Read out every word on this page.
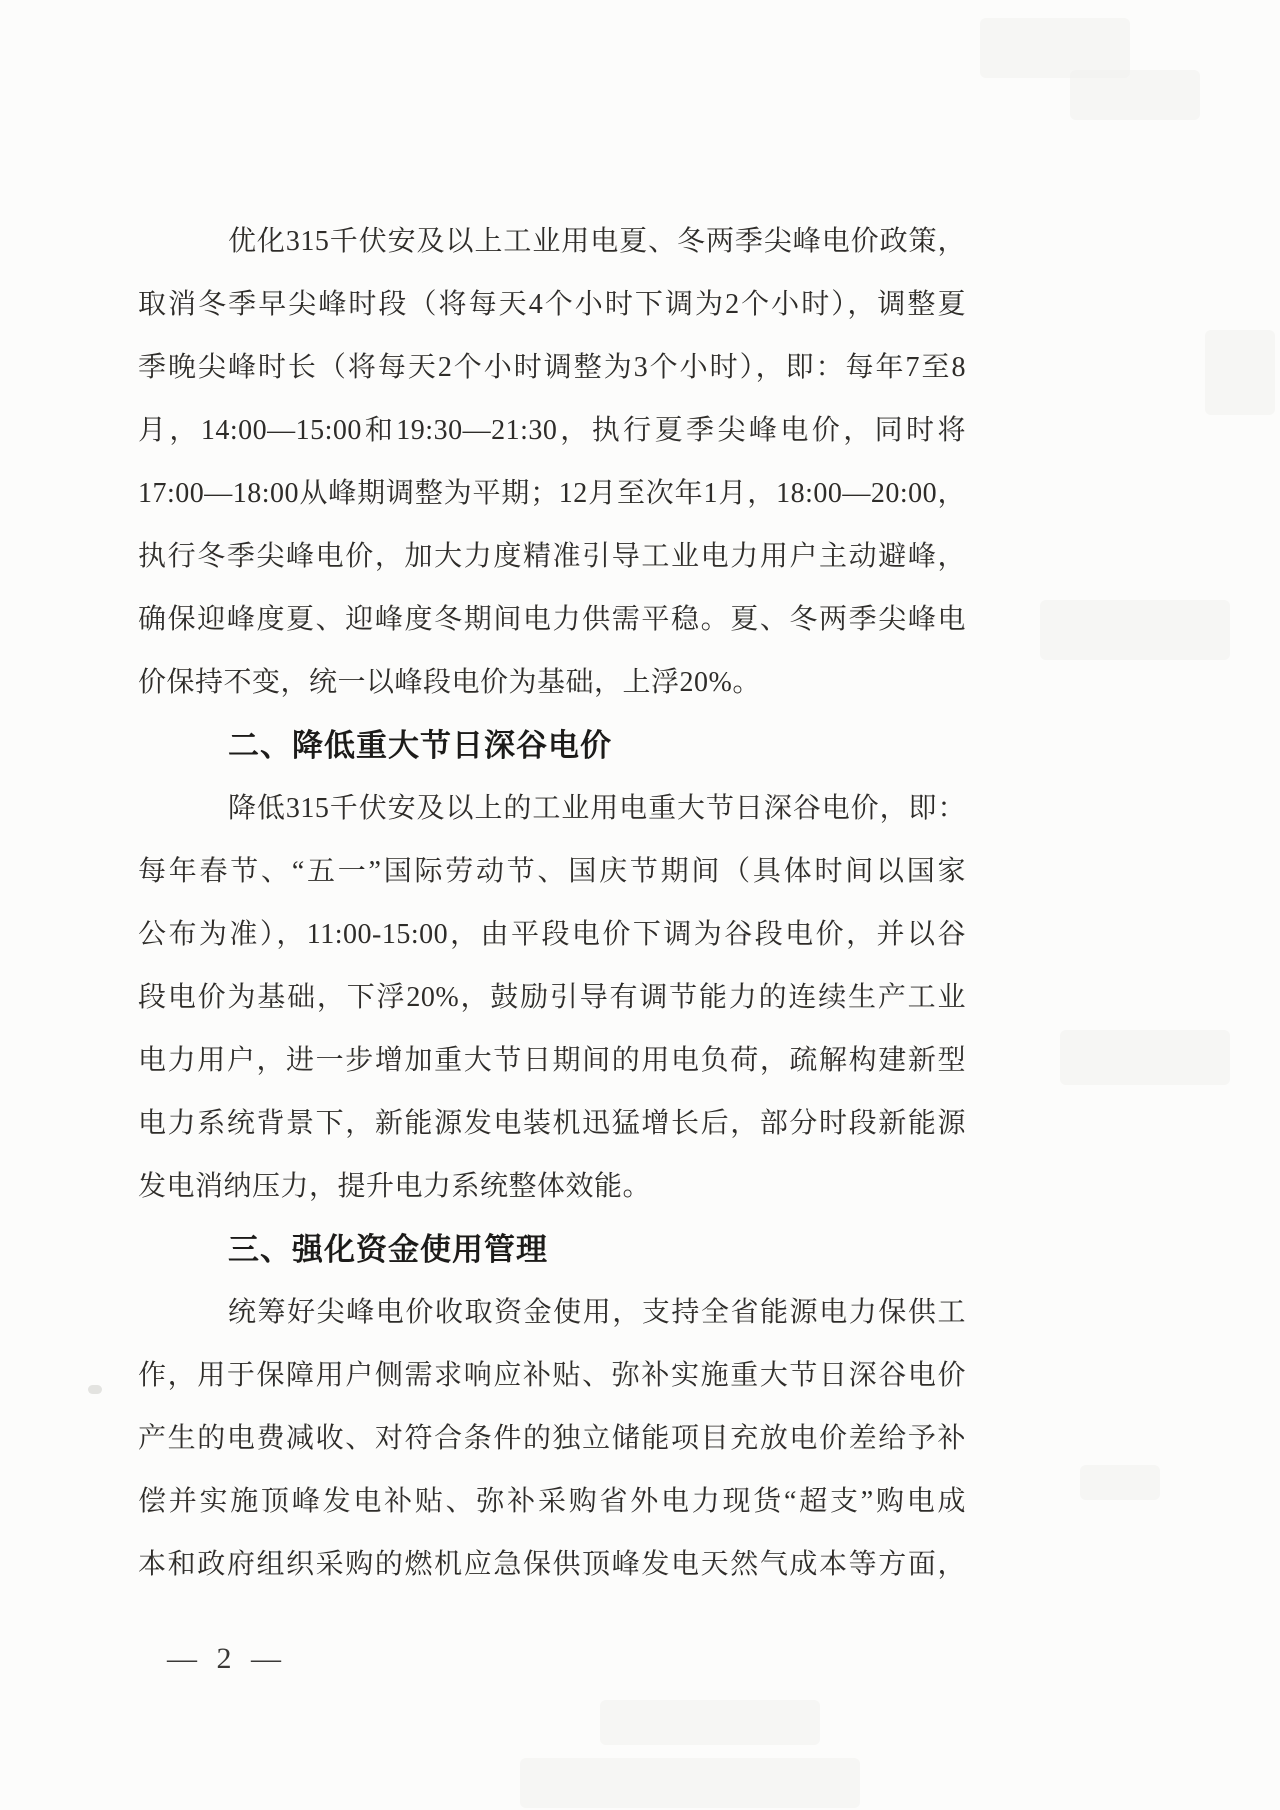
优化315千伏安及以上工业用电夏、冬两季尖峰电价政策，
取消冬季早尖峰时段（将每天4个小时下调为2个小时），调整夏
季晚尖峰时长（将每天2个小时调整为3个小时），即：每年7至8
月，14:00—15:00和19:30—21:30，执行夏季尖峰电价，同时将
17:00—18:00从峰期调整为平期；12月至次年1月，18:00—20:00，
执行冬季尖峰电价，加大力度精准引导工业电力用户主动避峰，
确保迎峰度夏、迎峰度冬期间电力供需平稳。夏、冬两季尖峰电
价保持不变，统一以峰段电价为基础，上浮20%。
二、降低重大节日深谷电价
降低315千伏安及以上的工业用电重大节日深谷电价，即：
每年春节、“五一”国际劳动节、国庆节期间（具体时间以国家
公布为准），11:00-15:00，由平段电价下调为谷段电价，并以谷
段电价为基础，下浮20%，鼓励引导有调节能力的连续生产工业
电力用户，进一步增加重大节日期间的用电负荷，疏解构建新型
电力系统背景下，新能源发电装机迅猛增长后，部分时段新能源
发电消纳压力，提升电力系统整体效能。
三、强化资金使用管理
统筹好尖峰电价收取资金使用，支持全省能源电力保供工
作，用于保障用户侧需求响应补贴、弥补实施重大节日深谷电价
产生的电费减收、对符合条件的独立储能项目充放电价差给予补
偿并实施顶峰发电补贴、弥补采购省外电力现货“超支”购电成
本和政府组织采购的燃机应急保供顶峰发电天然气成本等方面，
— 2 —
